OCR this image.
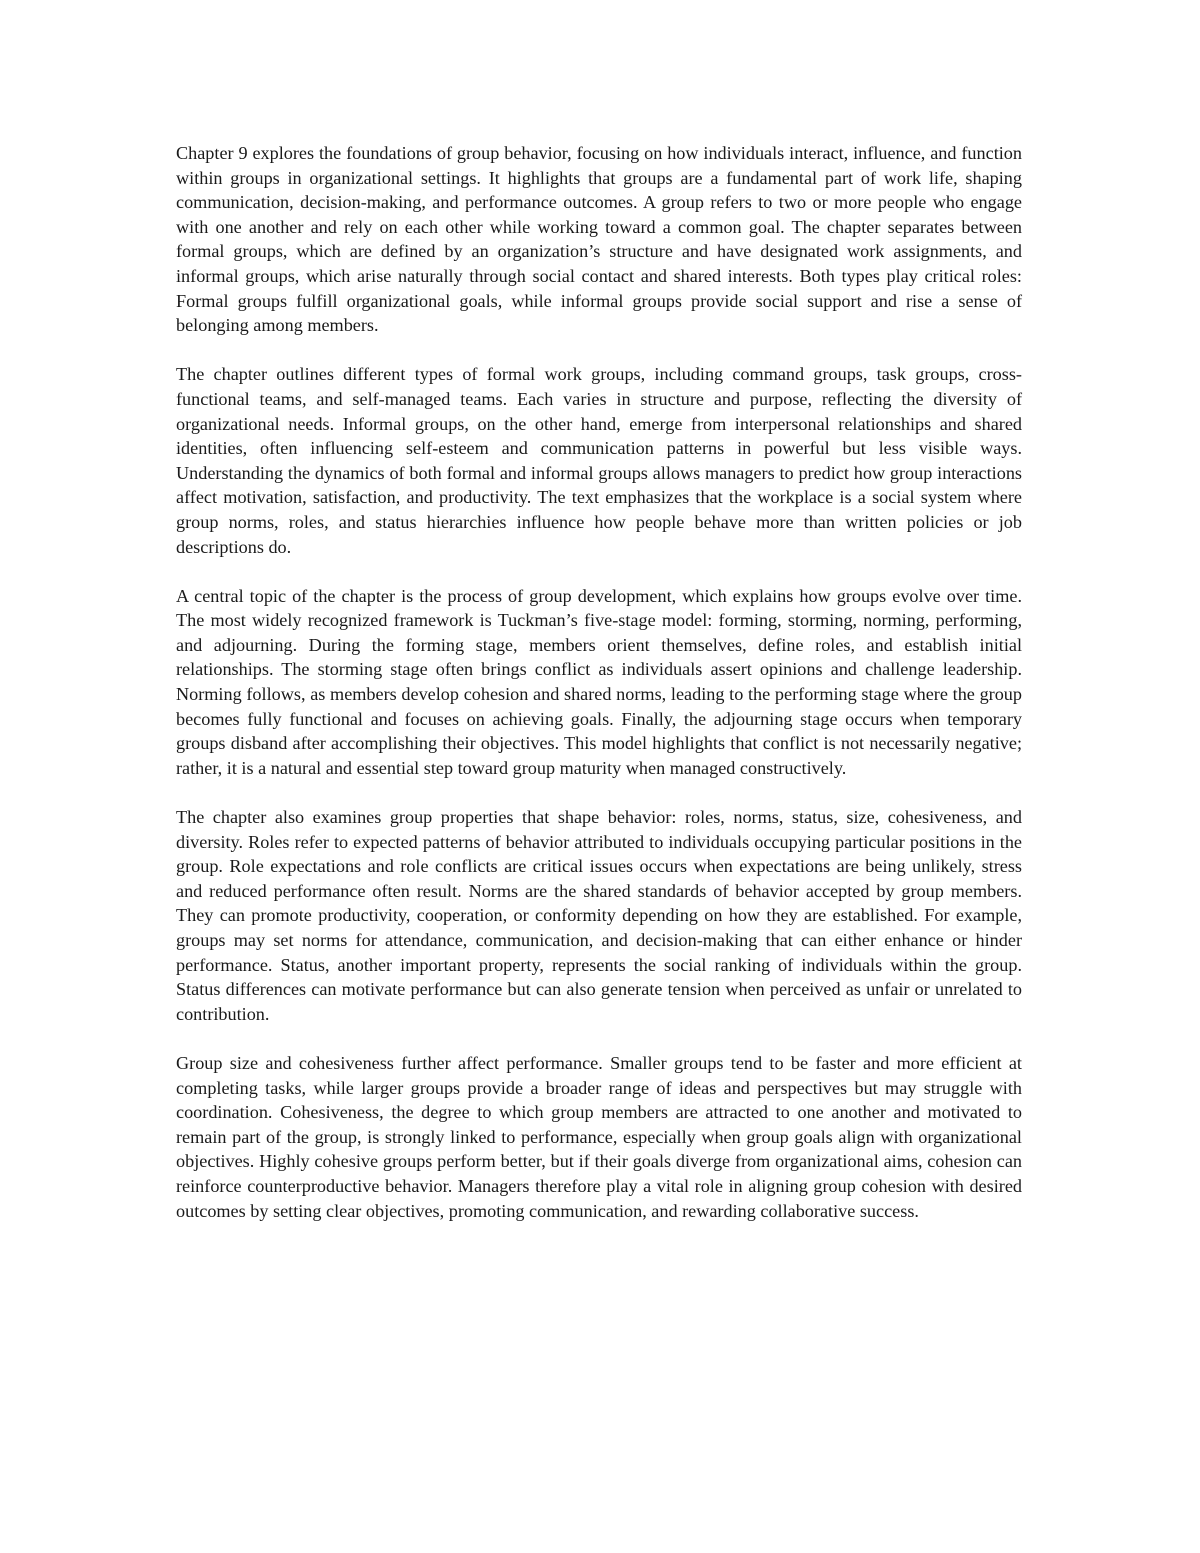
Chapter 9 explores the foundations of group behavior, focusing on how individuals interact, influence, and function within groups in organizational settings. It highlights that groups are a fundamental part of work life, shaping communication, decision-making, and performance outcomes. A group refers to two or more people who engage with one another and rely on each other while working toward a common goal. The chapter separates between formal groups, which are defined by an organization’s structure and have designated work assignments, and informal groups, which arise naturally through social contact and shared interests. Both types play critical roles: Formal groups fulfill organizational goals, while informal groups provide social support and rise a sense of belonging among members.

The chapter outlines different types of formal work groups, including command groups, task groups, cross-functional teams, and self-managed teams. Each varies in structure and purpose, reflecting the diversity of organizational needs. Informal groups, on the other hand, emerge from interpersonal relationships and shared identities, often influencing self-esteem and communication patterns in powerful but less visible ways. Understanding the dynamics of both formal and informal groups allows managers to predict how group interactions affect motivation, satisfaction, and productivity. The text emphasizes that the workplace is a social system where group norms, roles, and status hierarchies influence how people behave more than written policies or job descriptions do.

A central topic of the chapter is the process of group development, which explains how groups evolve over time. The most widely recognized framework is Tuckman’s five-stage model: forming, storming, norming, performing, and adjourning. During the forming stage, members orient themselves, define roles, and establish initial relationships. The storming stage often brings conflict as individuals assert opinions and challenge leadership. Norming follows, as members develop cohesion and shared norms, leading to the performing stage where the group becomes fully functional and focuses on achieving goals. Finally, the adjourning stage occurs when temporary groups disband after accomplishing their objectives. This model highlights that conflict is not necessarily negative; rather, it is a natural and essential step toward group maturity when managed constructively.

The chapter also examines group properties that shape behavior: roles, norms, status, size, cohesiveness, and diversity. Roles refer to expected patterns of behavior attributed to individuals occupying particular positions in the group. Role expectations and role conflicts are critical issues occurs when expectations are being unlikely, stress and reduced performance often result. Norms are the shared standards of behavior accepted by group members. They can promote productivity, cooperation, or conformity depending on how they are established. For example, groups may set norms for attendance, communication, and decision-making that can either enhance or hinder performance. Status, another important property, represents the social ranking of individuals within the group. Status differences can motivate performance but can also generate tension when perceived as unfair or unrelated to contribution.

Group size and cohesiveness further affect performance. Smaller groups tend to be faster and more efficient at completing tasks, while larger groups provide a broader range of ideas and perspectives but may struggle with coordination. Cohesiveness, the degree to which group members are attracted to one another and motivated to remain part of the group, is strongly linked to performance, especially when group goals align with organizational objectives. Highly cohesive groups perform better, but if their goals diverge from organizational aims, cohesion can reinforce counterproductive behavior. Managers therefore play a vital role in aligning group cohesion with desired outcomes by setting clear objectives, promoting communication, and rewarding collaborative success.
